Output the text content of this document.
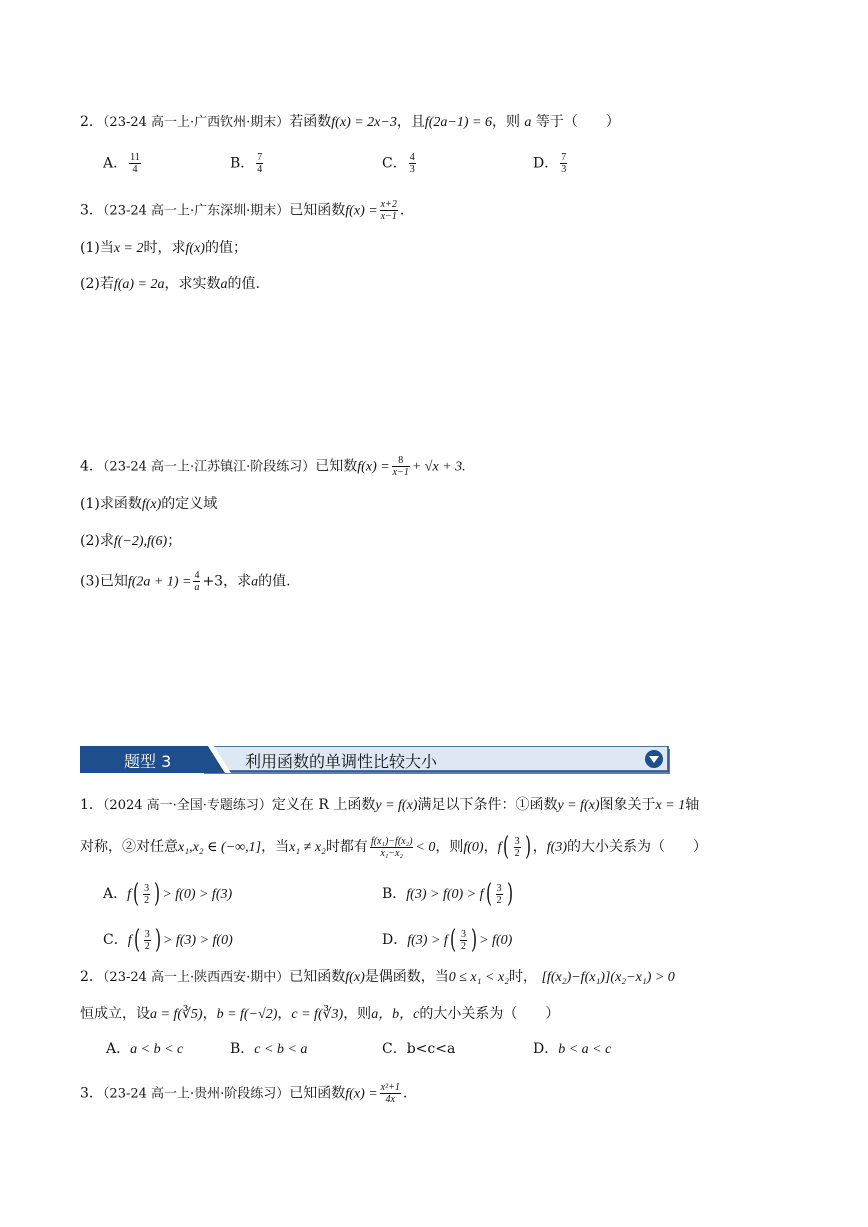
2．（23-24 高一上·广西钦州·期末）若函数f(x) = 2x−3，且f(2a−1) = 6，则 a 等于（　　）
A． $\frac{11}{4}$	B． $\frac{7}{4}$	C． $\frac{4}{3}$	D． $\frac{7}{3}$
3．（23-24 高一上·广东深圳·期末）已知函数$f(x) = \frac{x+2}{x-1}$ .
(1)当x = 2时，求f(x)的值；
(2)若f(a) = 2a，求实数a的值.
4．（23-24 高一上·江苏镇江·阶段练习）已知数$f(x) = \frac{8}{x-1} + √x + 3$.
(1)求函数f(x)的定义域
(2)求f(−2),f(6)；
(3)已知$f(2a + 1) = \frac{4}{a} +3$，求a的值.
题型 3	利用函数的单调性比较大小
1．（2024 高一·全国·专题练习）定义在 R 上函数y = f(x)满足以下条件：①函数y = f(x)图象关于x = 1轴
对称，②对任意x₁,x₂ ∈ (−∞,1]，当x₁ ≠ x₂时都有 $\frac{\text{f(x₁)−f(x₂)}}{\text{x₁−x₂}} < 0$，则f(0)，$f( \frac{3}{2}$ ) ，f(3)的大小关系为（　　）
A．$f( \frac{3}{2}$ ) > f(0) > f(3)	B．$f(3) > f(0) > f( \frac{3}{2}$ )
C．$f( \frac{3}{2}$ ) > f(3) > f(0)	D．$f(3) > f( \frac{3}{2}$ ) > f(0)
2．（23-24 高一上·陕西西安·期中）已知函数f(x)是偶函数，当0 ≤ x₁ < x₂时， [f(x₂)−f(x₁)](x₂−x₁) > 0
恒成立，设a = f(∛5)，b = f(−√2)，c = f(∛3)，则a，b，c的大小关系为（　　）
A．a < b < c	B．c < b < a	C．b<c<a	D．b < a < c
3．（23-24 高一上·贵州·阶段练习）已知函数$f(x) = \frac{\text{x²+1}}{4x}$ .
